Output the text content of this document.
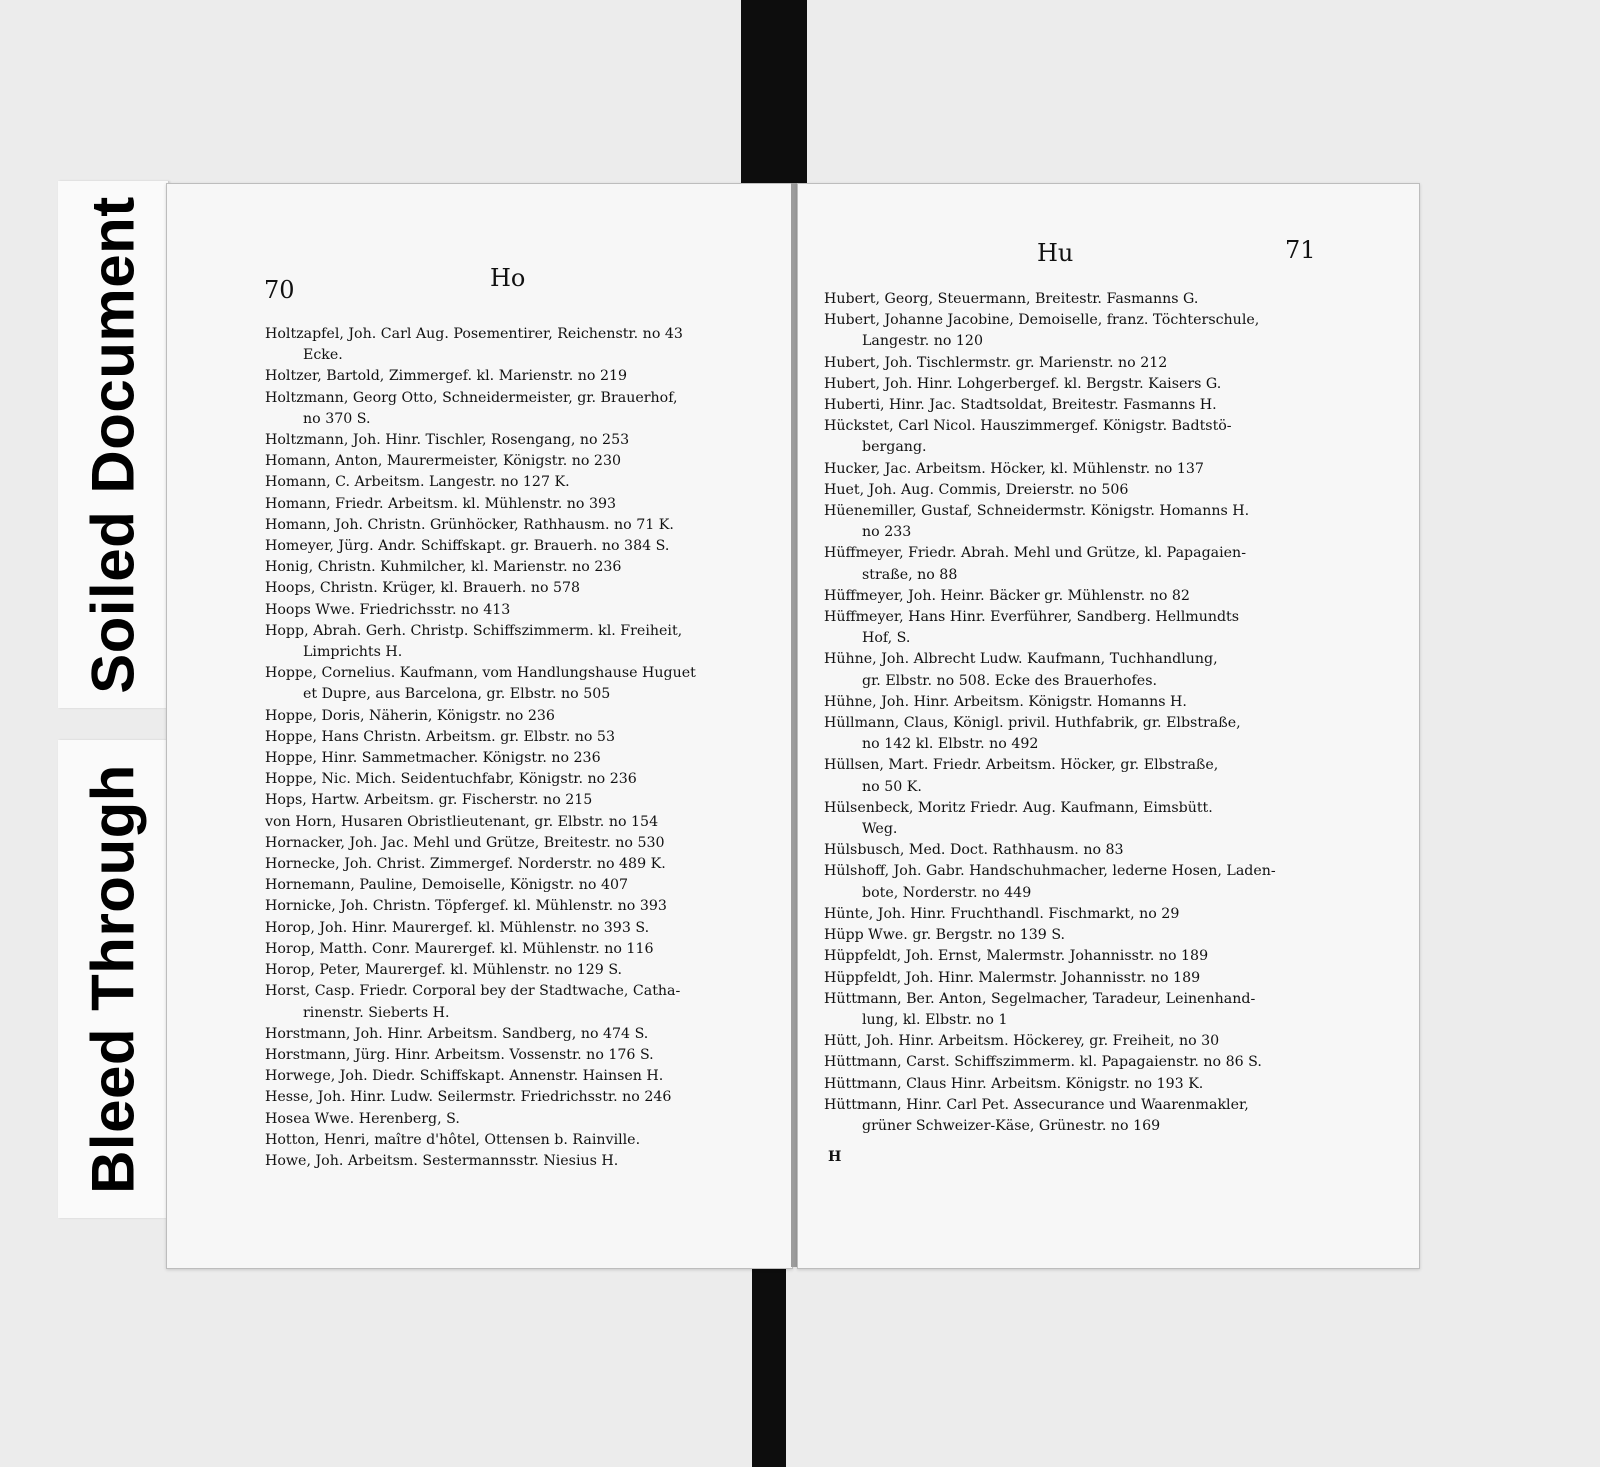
Soiled Document
Bleed Through
70	Ho
Holtzapfel, Joh. Carl Aug. Posementirer, Reichenstr. no 43
Ecke.
Holtzer, Bartold, Zimmergef. kl. Marienstr. no 219
Holtzmann, Georg Otto, Schneidermeister, gr. Brauerhof,
no 370 S.
Holtzmann, Joh. Hinr. Tischler, Rosengang, no 253
Homann, Anton, Maurermeister, Königstr. no 230
Homann, C. Arbeitsm. Langestr. no 127 K.
Homann, Friedr. Arbeitsm. kl. Mühlenstr. no 393
Homann, Joh. Christn. Grünhöcker, Rathhausm. no 71 K.
Homeyer, Jürg. Andr. Schiffskapt. gr. Brauerh. no 384 S.
Honig, Christn. Kuhmilcher, kl. Marienstr. no 236
Hoops, Christn. Krüger, kl. Brauerh. no 578
Hoops Wwe. Friedrichsstr. no 413
Hopp, Abrah. Gerh. Christp. Schiffszimmerm. kl. Freiheit,
Limprichts H.
Hoppe, Cornelius. Kaufmann, vom Handlungshause Huguet
et Dupre, aus Barcelona, gr. Elbstr. no 505
Hoppe, Doris, Näherin, Königstr. no 236
Hoppe, Hans Christn. Arbeitsm. gr. Elbstr. no 53
Hoppe, Hinr. Sammetmacher. Königstr. no 236
Hoppe, Nic. Mich. Seidentuchfabr, Königstr. no 236
Hops, Hartw. Arbeitsm. gr. Fischerstr. no 215
von Horn, Husaren Obristlieutenant, gr. Elbstr. no 154
Hornacker, Joh. Jac. Mehl und Grütze, Breitestr. no 530
Hornecke, Joh. Christ. Zimmergef. Norderstr. no 489 K.
Hornemann, Pauline, Demoiselle, Königstr. no 407
Hornicke, Joh. Christn. Töpfergef. kl. Mühlenstr. no 393
Horop, Joh. Hinr. Maurergef. kl. Mühlenstr. no 393 S.
Horop, Matth. Conr. Maurergef. kl. Mühlenstr. no 116
Horop, Peter, Maurergef. kl. Mühlenstr. no 129 S.
Horst, Casp. Friedr. Corporal bey der Stadtwache, Catha-
rinenstr. Sieberts H.
Horstmann, Joh. Hinr. Arbeitsm. Sandberg, no 474 S.
Horstmann, Jürg. Hinr. Arbeitsm. Vossenstr. no 176 S.
Horwege, Joh. Diedr. Schiffskapt. Annenstr. Hainsen H.
Hesse, Joh. Hinr. Ludw. Seilermstr. Friedrichsstr. no 246
Hosea Wwe. Herenberg, S.
Hotton, Henri, maître d'hôtel, Ottensen b. Rainville.
Howe, Joh. Arbeitsm. Sestermannsstr. Niesius H.
Hu	71
Hubert, Georg, Steuermann, Breitestr. Fasmanns G.
Hubert, Johanne Jacobine, Demoiselle, franz. Töchterschule,
Langestr. no 120
Hubert, Joh. Tischlermstr. gr. Marienstr. no 212
Hubert, Joh. Hinr. Lohgerbergef. kl. Bergstr. Kaisers G.
Huberti, Hinr. Jac. Stadtsoldat, Breitestr. Fasmanns H.
Hückstet, Carl Nicol. Hauszimmergef. Königstr. Badtstö-
bergang.
Hucker, Jac. Arbeitsm. Höcker, kl. Mühlenstr. no 137
Huet, Joh. Aug. Commis, Dreierstr. no 506
Hüenemiller, Gustaf, Schneidermstr. Königstr. Homanns H.
no 233
Hüffmeyer, Friedr. Abrah. Mehl und Grütze, kl. Papagaien-
straße, no 88
Hüffmeyer, Joh. Heinr. Bäcker gr. Mühlenstr. no 82
Hüffmeyer, Hans Hinr. Everführer, Sandberg. Hellmundts
Hof, S.
Hühne, Joh. Albrecht Ludw. Kaufmann, Tuchhandlung,
gr. Elbstr. no 508. Ecke des Brauerhofes.
Hühne, Joh. Hinr. Arbeitsm. Königstr. Homanns H.
Hüllmann, Claus, Königl. privil. Huthfabrik, gr. Elbstraße,
no 142 kl. Elbstr. no 492
Hüllsen, Mart. Friedr. Arbeitsm. Höcker, gr. Elbstraße,
no 50 K.
Hülsenbeck, Moritz Friedr. Aug. Kaufmann, Eimsbütt.
Weg.
Hülsbusch, Med. Doct. Rathhausm. no 83
Hülshoff, Joh. Gabr. Handschuhmacher, lederne Hosen, Laden-
bote, Norderstr. no 449
Hünte, Joh. Hinr. Fruchthandl. Fischmarkt, no 29
Hüpp Wwe. gr. Bergstr. no 139 S.
Hüppfeldt, Joh. Ernst, Malermstr. Johannisstr. no 189
Hüppfeldt, Joh. Hinr. Malermstr. Johannisstr. no 189
Hüttmann, Ber. Anton, Segelmacher, Taradeur, Leinenhand-
lung, kl. Elbstr. no 1
Hütt, Joh. Hinr. Arbeitsm. Höckerey, gr. Freiheit, no 30
Hüttmann, Carst. Schiffszimmerm. kl. Papagaienstr. no 86 S.
Hüttmann, Claus Hinr. Arbeitsm. Königstr. no 193 K.
Hüttmann, Hinr. Carl Pet. Assecurance und Waarenmakler,
grüner Schweizer-Käse, Grünestr. no 169
H
